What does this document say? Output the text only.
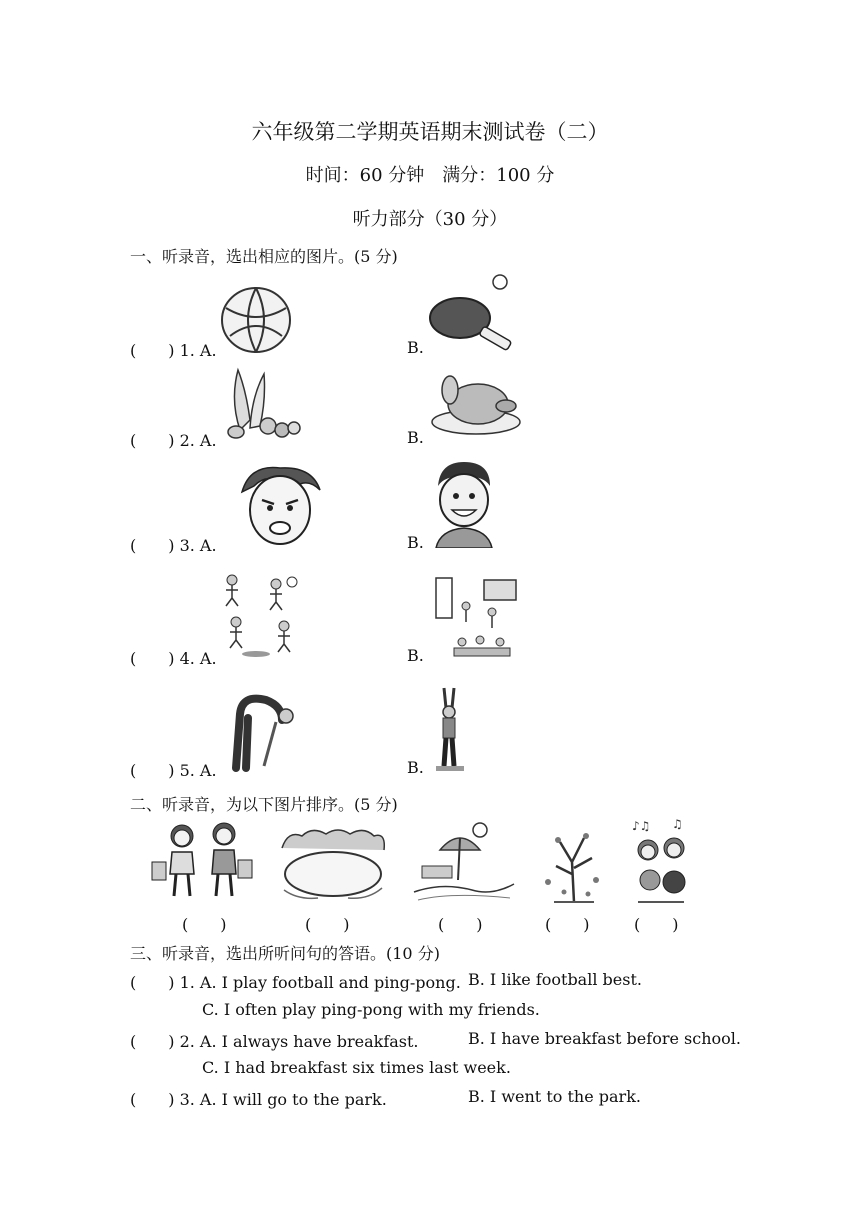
六年级第二学期英语期末测试卷（二）
时间：60 分钟　满分：100 分
听力部分（30 分）
一、听录音，选出相应的图片。(5 分)
(　　) 1. A.	B.
(　　) 2. A.	B.
(　　) 3. A.	B.
(　　) 4. A.	B.
(　　) 5. A.	B.
二、听录音，为以下图片排序。(5 分)
♪♫ ♫
(　　)	(　　)	(　　)	(　　)	(　　)
三、听录音，选出所听问句的答语。(10 分)
(　　) 1. A. I play football and ping-pong. B. I like football best.
C. I often play ping-pong with my friends.
(　　) 2. A. I always have breakfast.	B. I have breakfast before school.
C. I had breakfast six times last week.
(　　) 3. A. I will go to the park.	B. I went to the park.
